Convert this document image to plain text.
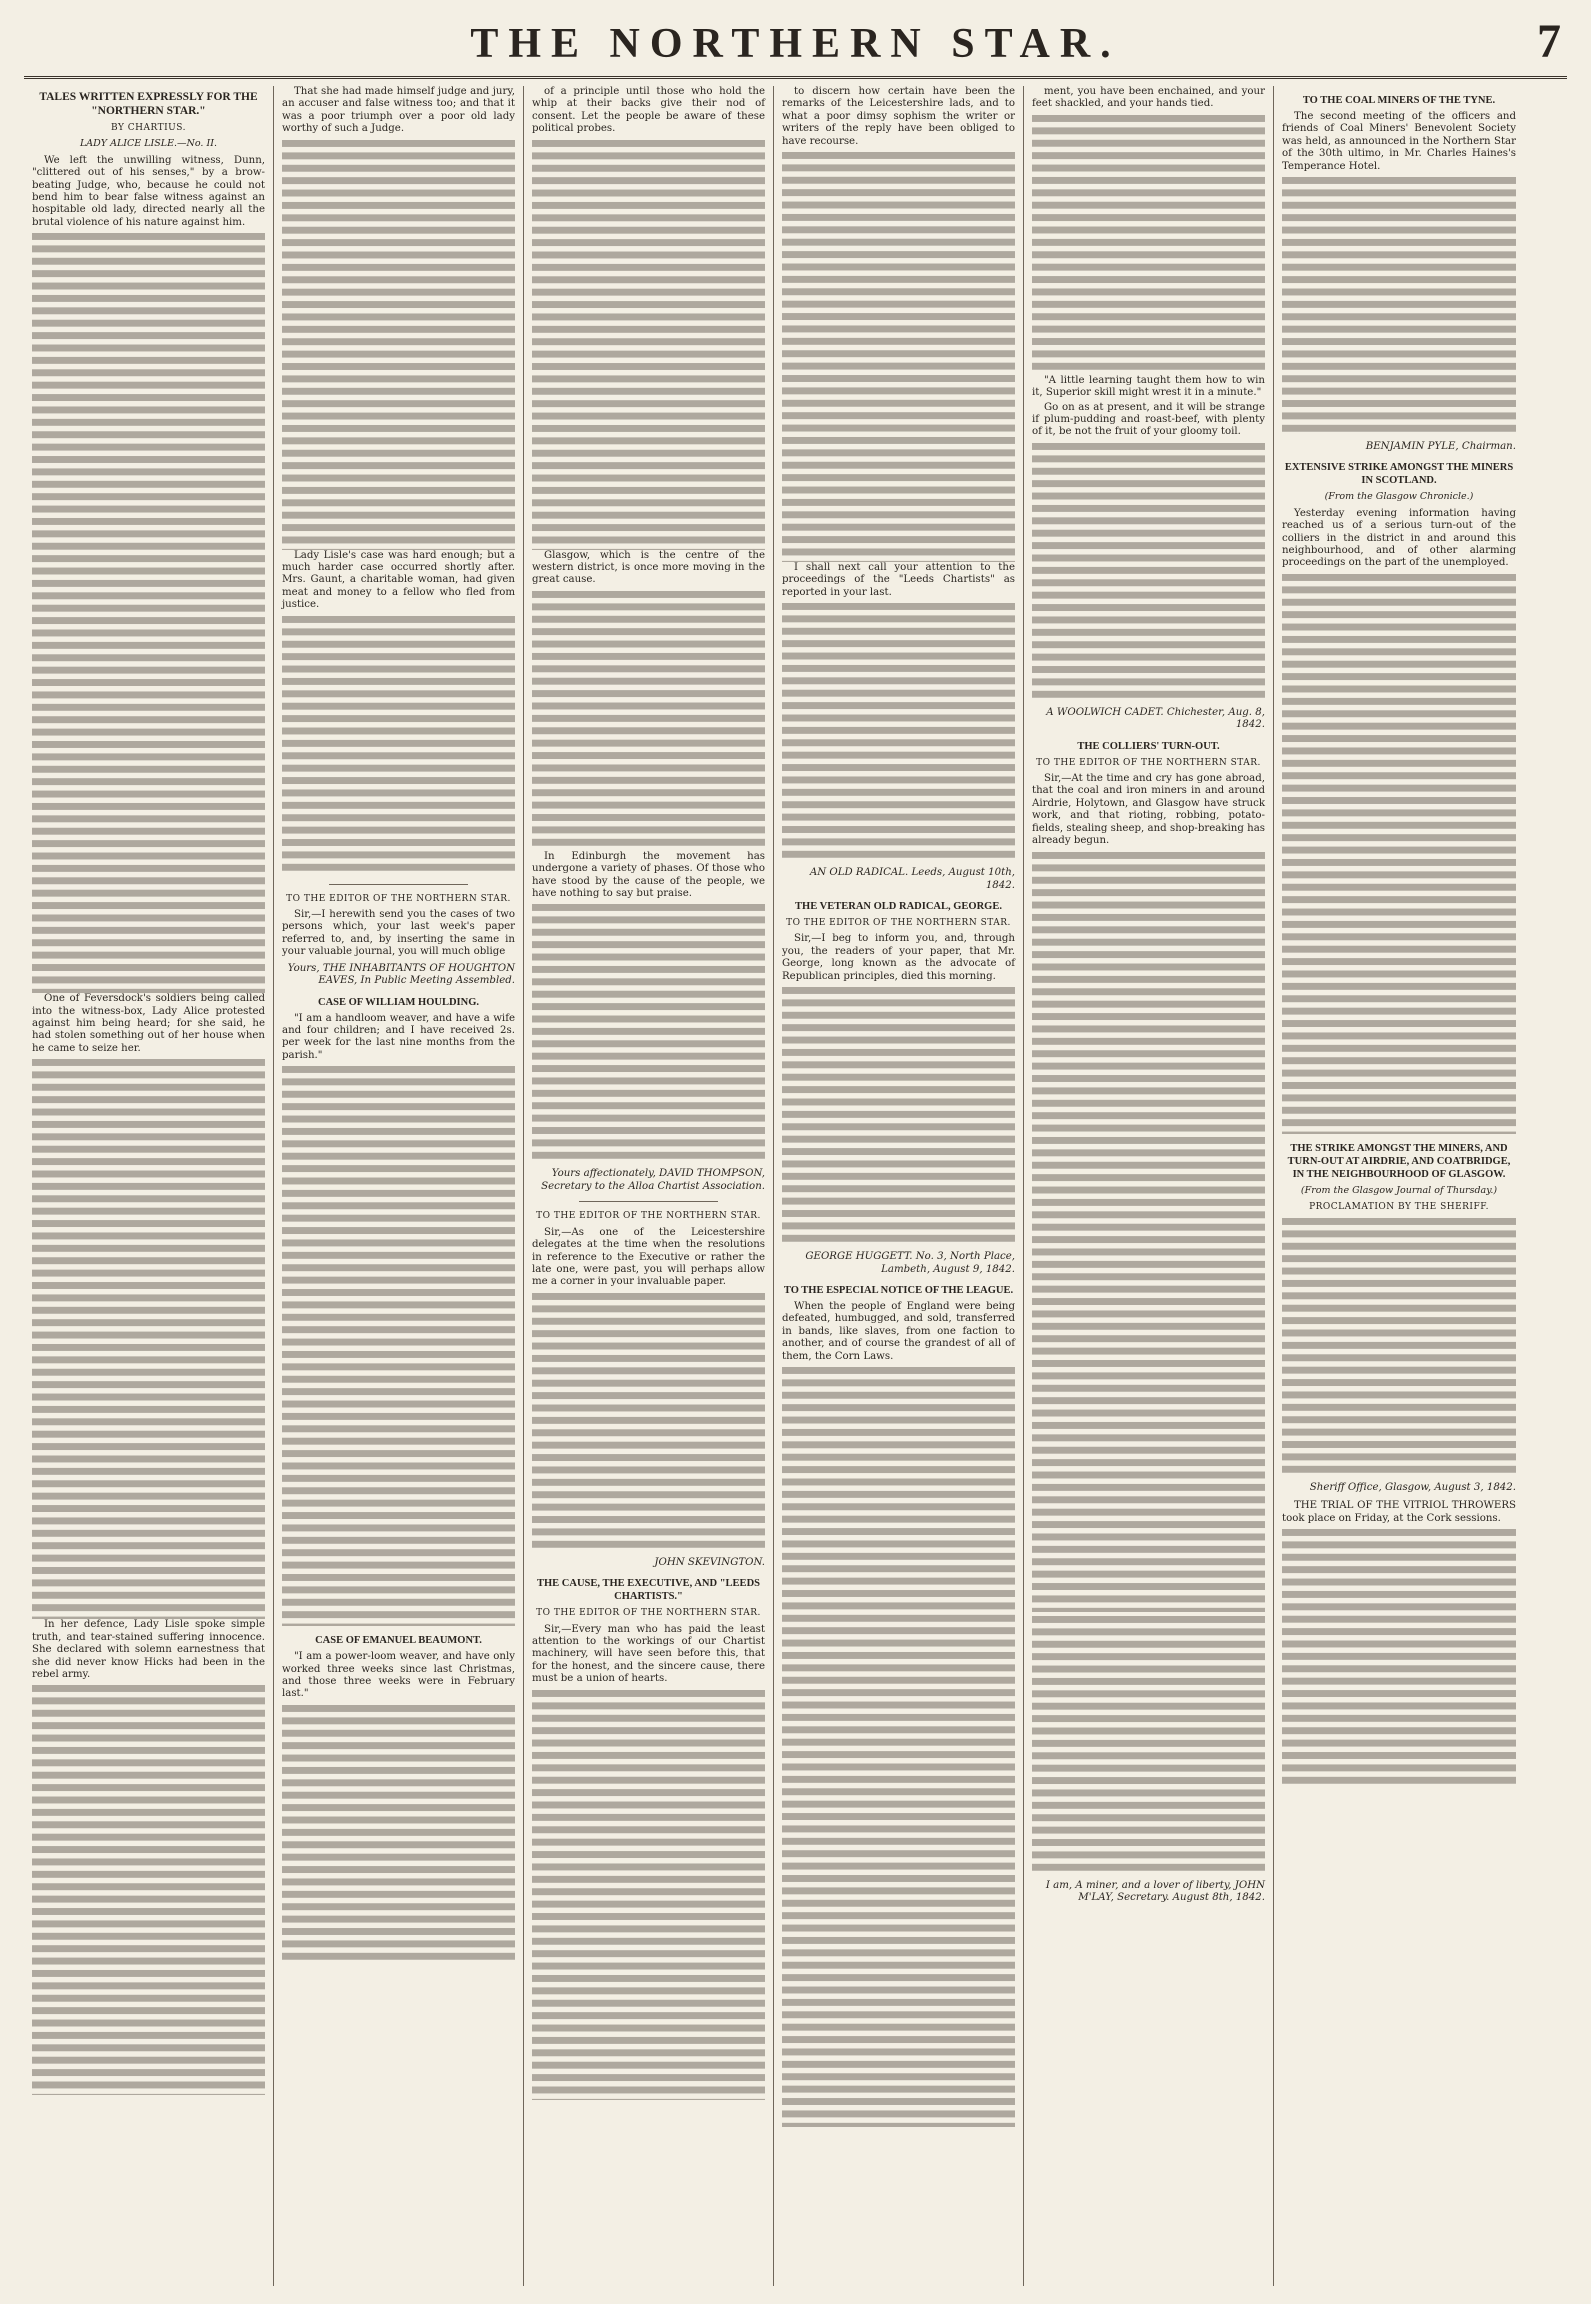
THE NORTHERN STAR.	7
TALES WRITTEN EXPRESSLY FOR THE "NORTHERN STAR."
BY CHARTIUS.
LADY ALICE LISLE.—No. II.

We left the unwilling witness, Dunn, "clittered out of his senses," by a brow-beating Judge, who, because he could not bend him to bear false witness against an hospitable old lady, directed nearly all the brutal violence of his nature against him.

One of Feversdock's soldiers being called into the witness-box, Lady Alice protested against him being heard; for she said, he had stolen something out of her house when he came to seize her.

In her defence, Lady Lisle spoke simple truth, and tear-stained suffering innocence. She declared with solemn earnestness that she did never know Hicks had been in the rebel army.

That she had made himself judge and jury, an accuser and false witness too; and that it was a poor triumph over a poor old lady worthy of such a Judge.

Lady Lisle's case was hard enough; but a much harder case occurred shortly after. Mrs. Gaunt, a charitable woman, had given meat and money to a fellow who fled from justice.

TO THE EDITOR OF THE NORTHERN STAR.

Sir,—I herewith send you the cases of two persons which, your last week's paper referred to, and, by inserting the same in your valuable journal, you will much oblige

Yours, THE INHABITANTS OF HOUGHTON EAVES, In Public Meeting Assembled.
CASE OF WILLIAM HOULDING.

"I am a handloom weaver, and have a wife and four children; and I have received 2s. per week for the last nine months from the parish."

CASE OF EMANUEL BEAUMONT.

"I am a power-loom weaver, and have only worked three weeks since last Christmas, and those three weeks were in February last."

of a principle until those who hold the whip at their backs give their nod of consent. Let the people be aware of these political probes.

Glasgow, which is the centre of the western district, is once more moving in the great cause.

In Edinburgh the movement has undergone a variety of phases. Of those who have stood by the cause of the people, we have nothing to say but praise.

Yours affectionately, DAVID THOMPSON, Secretary to the Alloa Chartist Association.
TO THE EDITOR OF THE NORTHERN STAR.

Sir,—As one of the Leicestershire delegates at the time when the resolutions in reference to the Executive or rather the late one, were past, you will perhaps allow me a corner in your invaluable paper.

JOHN SKEVINGTON.
THE CAUSE, THE EXECUTIVE, AND "LEEDS CHARTISTS."
TO THE EDITOR OF THE NORTHERN STAR.

Sir,—Every man who has paid the least attention to the workings of our Chartist machinery, will have seen before this, that for the honest, and the sincere cause, there must be a union of hearts.

to discern how certain have been the remarks of the Leicestershire lads, and to what a poor dimsy sophism the writer or writers of the reply have been obliged to have recourse.

I shall next call your attention to the proceedings of the "Leeds Chartists" as reported in your last.

AN OLD RADICAL. Leeds, August 10th, 1842.
THE VETERAN OLD RADICAL, GEORGE.
TO THE EDITOR OF THE NORTHERN STAR.

Sir,—I beg to inform you, and, through you, the readers of your paper, that Mr. George, long known as the advocate of Republican principles, died this morning.

GEORGE HUGGETT. No. 3, North Place, Lambeth, August 9, 1842.
TO THE ESPECIAL NOTICE OF THE LEAGUE.

When the people of England were being defeated, humbugged, and sold, transferred in bands, like slaves, from one faction to another, and of course the grandest of all of them, the Corn Laws.

ment, you have been enchained, and your feet shackled, and your hands tied.

"A little learning taught them how to win it, Superior skill might wrest it in a minute."

Go on as at present, and it will be strange if plum-pudding and roast-beef, with plenty of it, be not the fruit of your gloomy toil.

A WOOLWICH CADET. Chichester, Aug. 8, 1842.
THE COLLIERS' TURN-OUT.
TO THE EDITOR OF THE NORTHERN STAR.

Sir,—At the time and cry has gone abroad, that the coal and iron miners in and around Airdrie, Holytown, and Glasgow have struck work, and that rioting, robbing, potato-fields, stealing sheep, and shop-breaking has already begun.

I am, A miner, and a lover of liberty, JOHN M'LAY, Secretary. August 8th, 1842.
TO THE COAL MINERS OF THE TYNE.

The second meeting of the officers and friends of Coal Miners' Benevolent Society was held, as announced in the Northern Star of the 30th ultimo, in Mr. Charles Haines's Temperance Hotel.

BENJAMIN PYLE, Chairman.
EXTENSIVE STRIKE AMONGST THE MINERS IN SCOTLAND.
(From the Glasgow Chronicle.)

Yesterday evening information having reached us of a serious turn-out of the colliers in the district in and around this neighbourhood, and of other alarming proceedings on the part of the unemployed.

THE STRIKE AMONGST THE MINERS, AND TURN-OUT AT AIRDRIE, AND COATBRIDGE, IN THE NEIGHBOURHOOD OF GLASGOW.
(From the Glasgow Journal of Thursday.)
PROCLAMATION BY THE SHERIFF.
Sheriff Office, Glasgow, August 3, 1842.

THE TRIAL OF THE VITRIOL THROWERS took place on Friday, at the Cork sessions.
